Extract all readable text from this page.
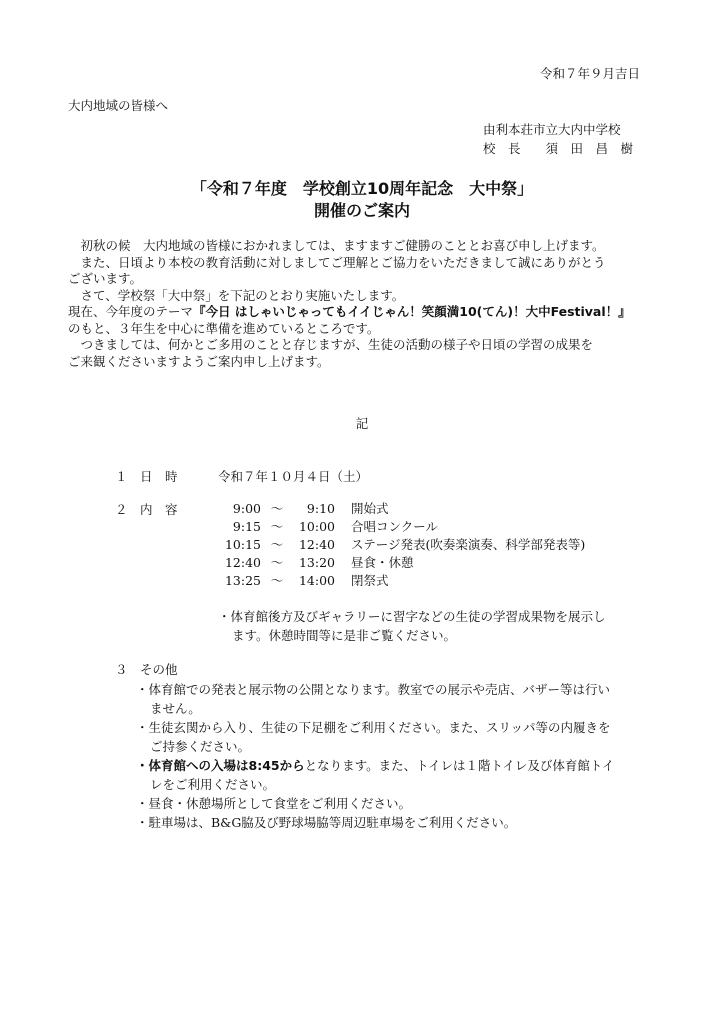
令和７年９月吉日
大内地域の皆様へ
由利本荘市立大内中学校
校　長　　須　田　昌　樹
「令和７年度　学校創立10周年記念　大中祭」
開催のご案内

　初秋の候　大内地域の皆様におかれましては、ますますご健勝のこととお喜び申し上げます。

　また、日頃より本校の教育活動に対しましてご理解とご協力をいただきまして誠にありがとう

ございます。

　さて、学校祭「大中祭」を下記のとおり実施いたします。

現在、今年度のテーマ『今日 はしゃいじゃってもイイじゃん！笑顔満10(てん)！大中Festival！』

のもと、３年生を中心に準備を進めているところです。

　つきましては、何かとご多用のことと存じますが、生徒の活動の様子や日頃の学習の成果を

ご来観くださいますようご案内申し上げます。

記
１ 日　時	令和７年１０月４日（土）
２ 内　容	9:00	～	9:10	開始式
9:15	～	10:00	合唱コンクール
10:15	～	12:40	ステージ発表(吹奏楽演奏、科学部発表等)
12:40	～	13:20	昼食・休憩
13:25	～	14:00	閉祭式
・体育館後方及びギャラリーに習字などの生徒の学習成果物を展示し
ます。休憩時間等に是非ご覧ください。
３ その他
・体育館での発表と展示物の公開となります。教室での展示や売店、バザー等は行い
ません。
・生徒玄関から入り、生徒の下足棚をご利用ください。また、スリッパ等の内履きを
ご持参ください。
・体育館への入場は8:45からとなります。また、トイレは１階トイレ及び体育館トイ
レをご利用ください。
・昼食・休憩場所として食堂をご利用ください。
・駐車場は、B&G脇及び野球場脇等周辺駐車場をご利用ください。
